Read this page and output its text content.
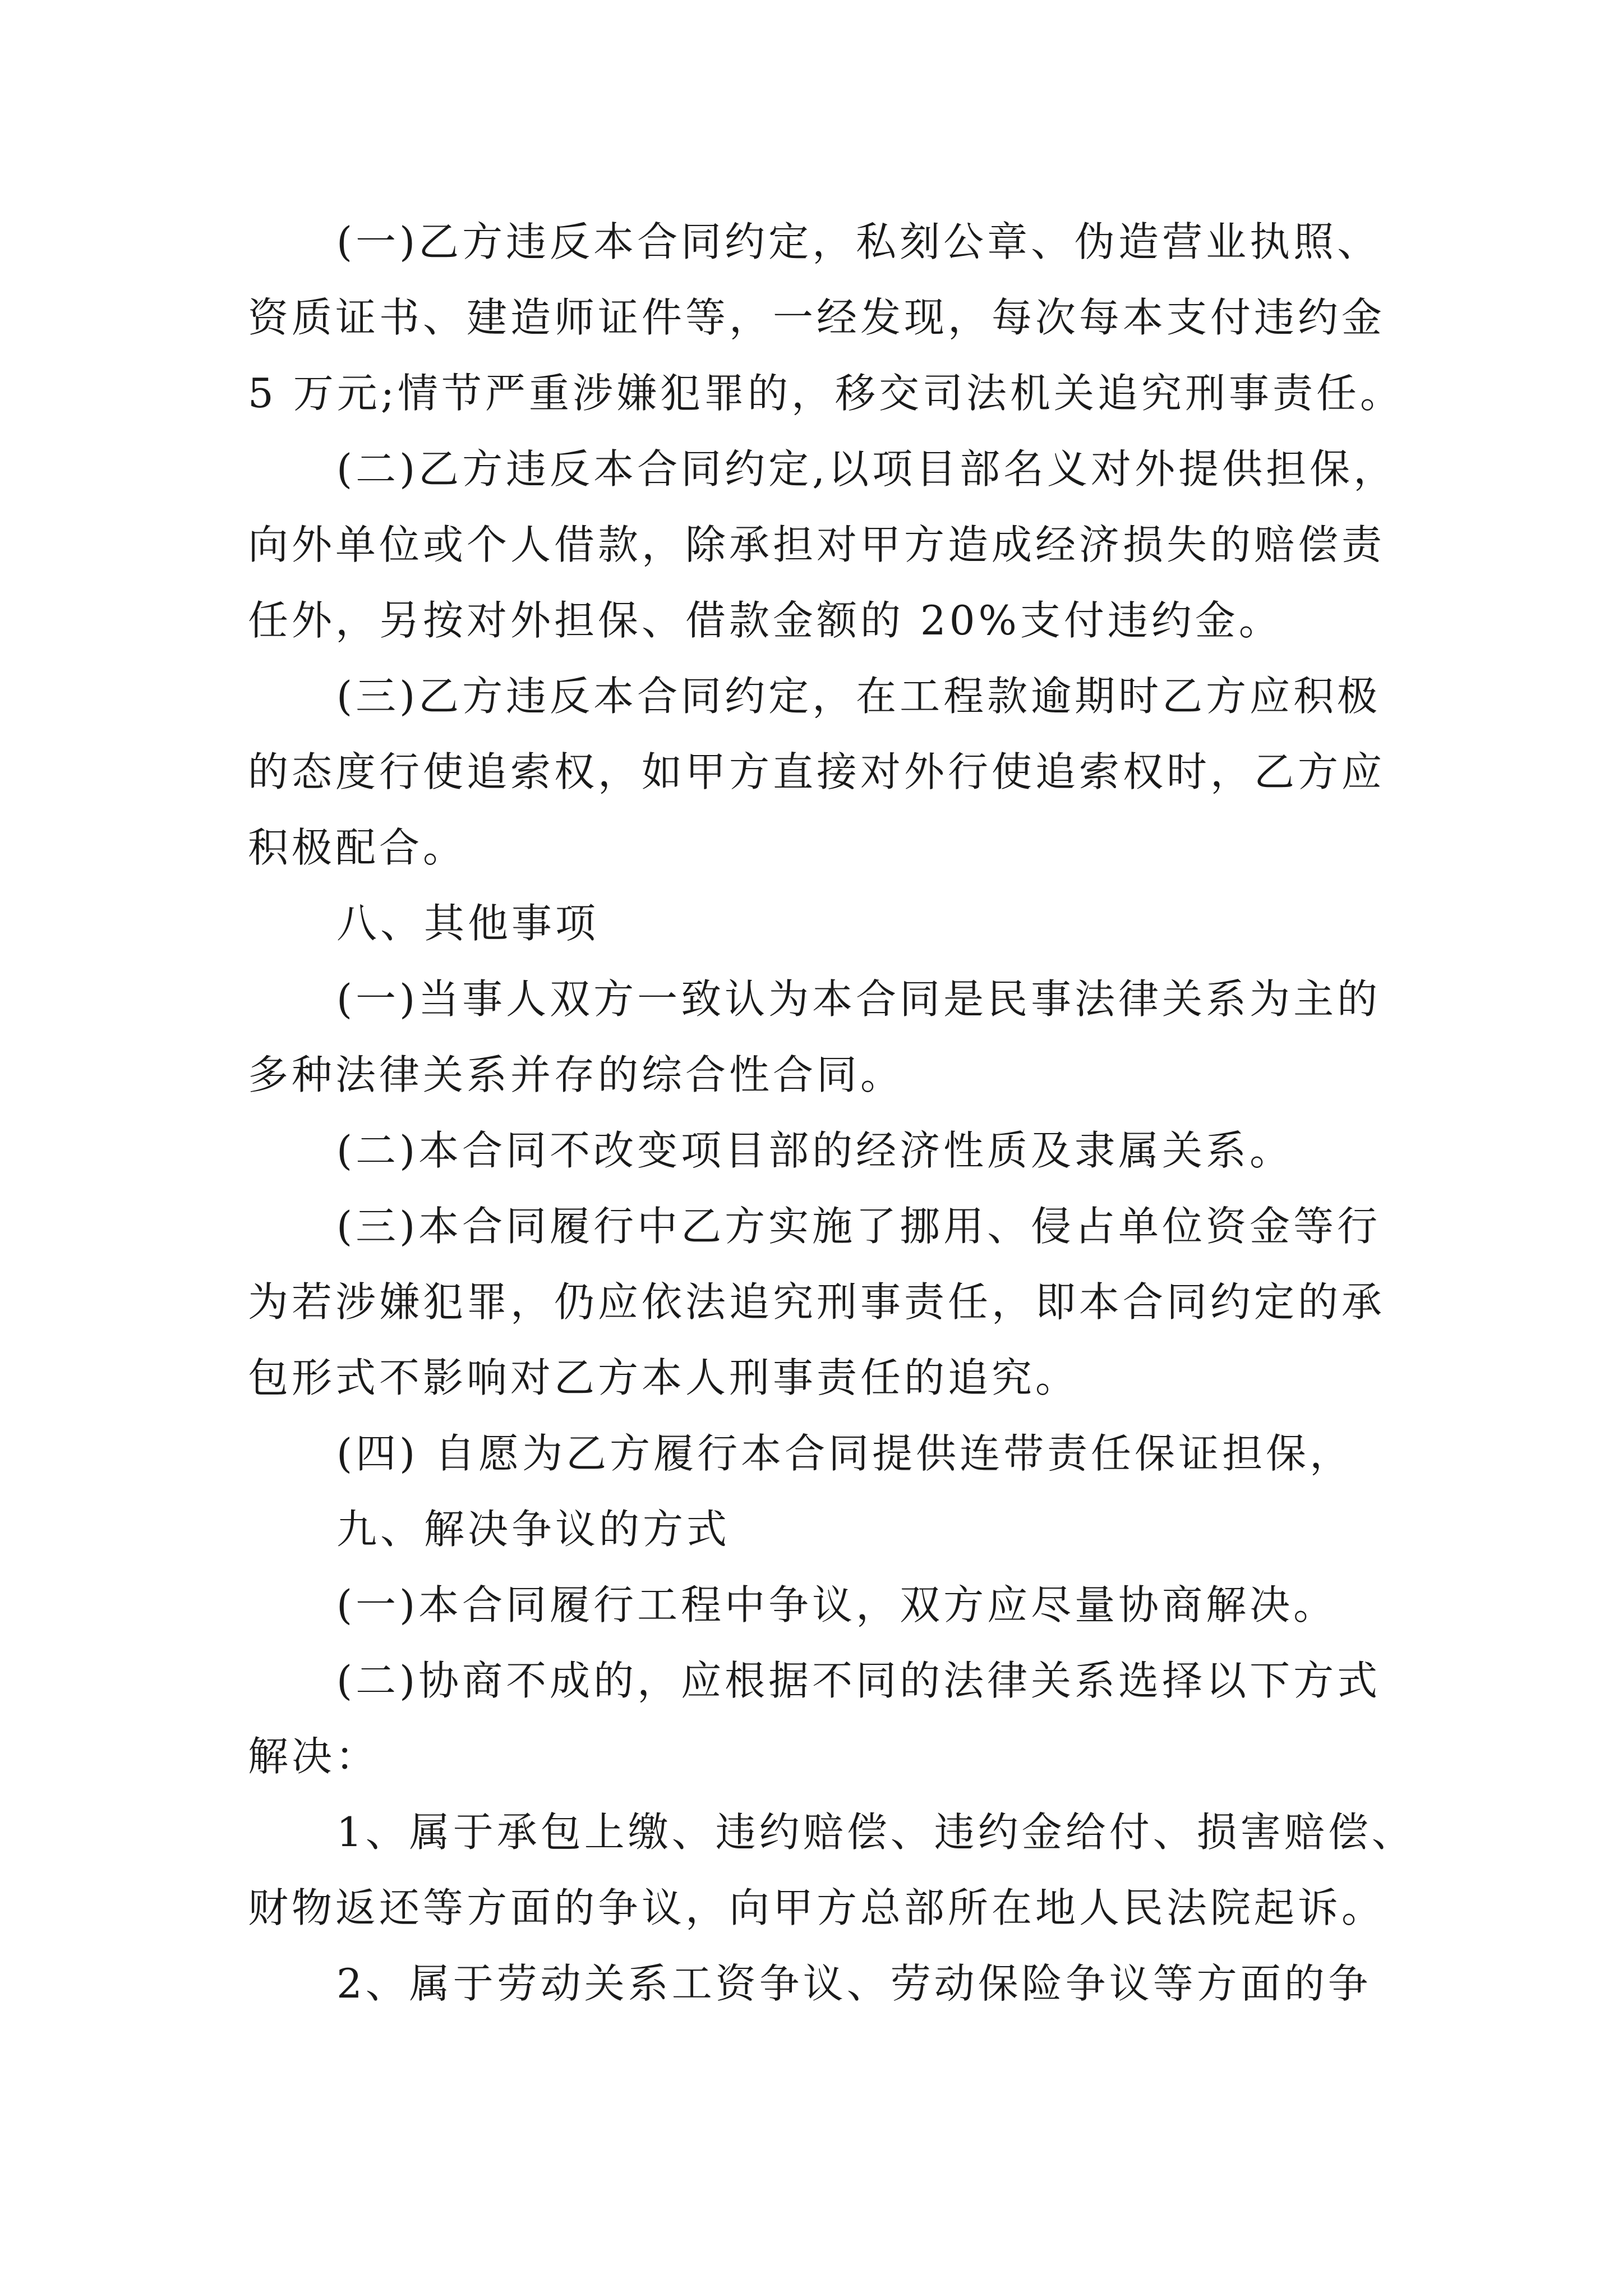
(一)乙方违反本合同约定，私刻公章、伪造营业执照、
资质证书、建造师证件等，一经发现，每次每本支付违约金
5 万元;情节严重涉嫌犯罪的，移交司法机关追究刑事责任。
(二)乙方违反本合同约定,以项目部名义对外提供担保，
向外单位或个人借款，除承担对甲方造成经济损失的赔偿责
任外，另按对外担保、借款金额的 20%支付违约金。
(三)乙方违反本合同约定，在工程款逾期时乙方应积极
的态度行使追索权，如甲方直接对外行使追索权时，乙方应
积极配合。
八、其他事项
(一)当事人双方一致认为本合同是民事法律关系为主的
多种法律关系并存的综合性合同。
(二)本合同不改变项目部的经济性质及隶属关系。
(三)本合同履行中乙方实施了挪用、侵占单位资金等行
为若涉嫌犯罪，仍应依法追究刑事责任，即本合同约定的承
包形式不影响对乙方本人刑事责任的追究。
(四) 自愿为乙方履行本合同提供连带责任保证担保，
九、解决争议的方式
(一)本合同履行工程中争议，双方应尽量协商解决。
(二)协商不成的，应根据不同的法律关系选择以下方式
解决：
1、属于承包上缴、违约赔偿、违约金给付、损害赔偿、
财物返还等方面的争议，向甲方总部所在地人民法院起诉。
2、属于劳动关系工资争议、劳动保险争议等方面的争
